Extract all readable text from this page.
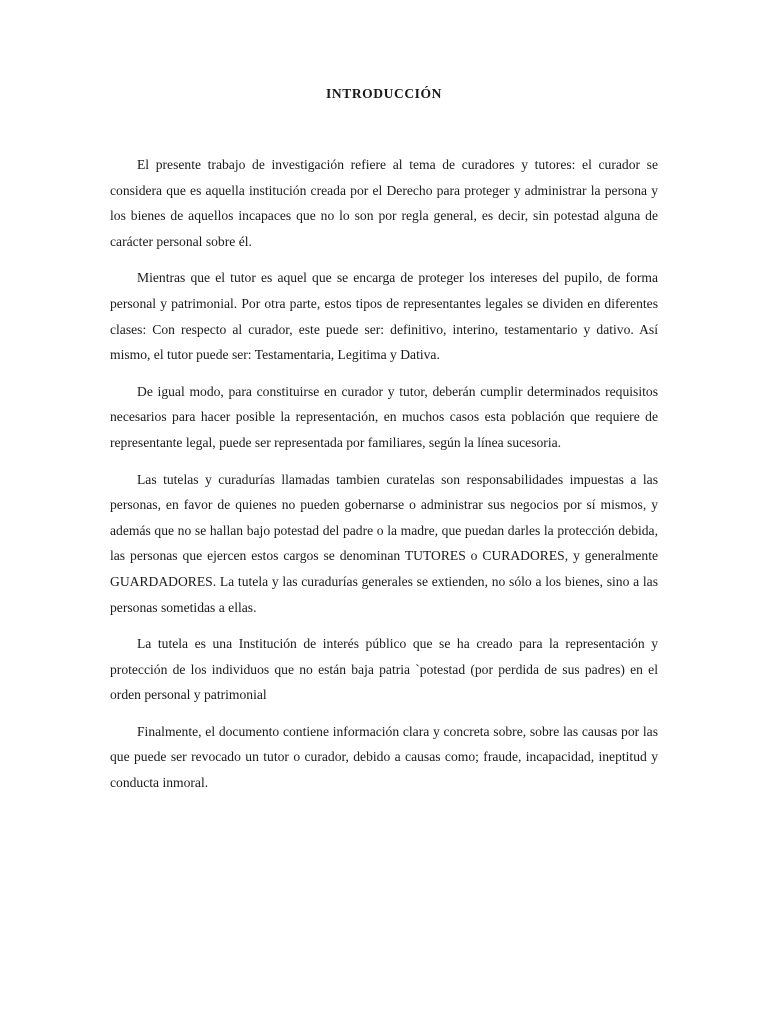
INTRODUCCIÓN

El presente trabajo de investigación refiere al tema de curadores y tutores: el curador se considera que es aquella institución creada por el Derecho para proteger y administrar la persona y los bienes de aquellos incapaces que no lo son por regla general, es decir, sin potestad alguna de carácter personal sobre él.

Mientras que el tutor es aquel que se encarga de proteger los intereses del pupilo, de forma personal y patrimonial. Por otra parte, estos tipos de representantes legales se dividen en diferentes clases: Con respecto al curador, este puede ser: definitivo, interino, testamentario y dativo. Así mismo, el tutor puede ser: Testamentaria, Legitima y Dativa.

De igual modo, para constituirse en curador y tutor, deberán cumplir determinados requisitos necesarios para hacer posible la representación, en muchos casos esta población que requiere de representante legal, puede ser representada por familiares, según la línea sucesoria.

Las tutelas y curadurías llamadas tambien curatelas son responsabilidades impuestas a las personas, en favor de quienes no pueden gobernarse o administrar sus negocios por sí mismos, y además que no se hallan bajo potestad del padre o la madre, que puedan darles la protección debida, las personas que ejercen estos cargos se denominan TUTORES o CURADORES, y generalmente GUARDADORES. La tutela y las curadurías generales se extienden, no sólo a los bienes, sino a las personas sometidas a ellas.

La tutela es una Institución de interés público que se ha creado para la representación y protección de los individuos que no están baja patria `potestad (por perdida de sus padres) en el orden personal y patrimonial

Finalmente, el documento contiene información clara y concreta sobre, sobre las causas por las que puede ser revocado un tutor o curador, debido a causas como; fraude, incapacidad, ineptitud y conducta inmoral.
